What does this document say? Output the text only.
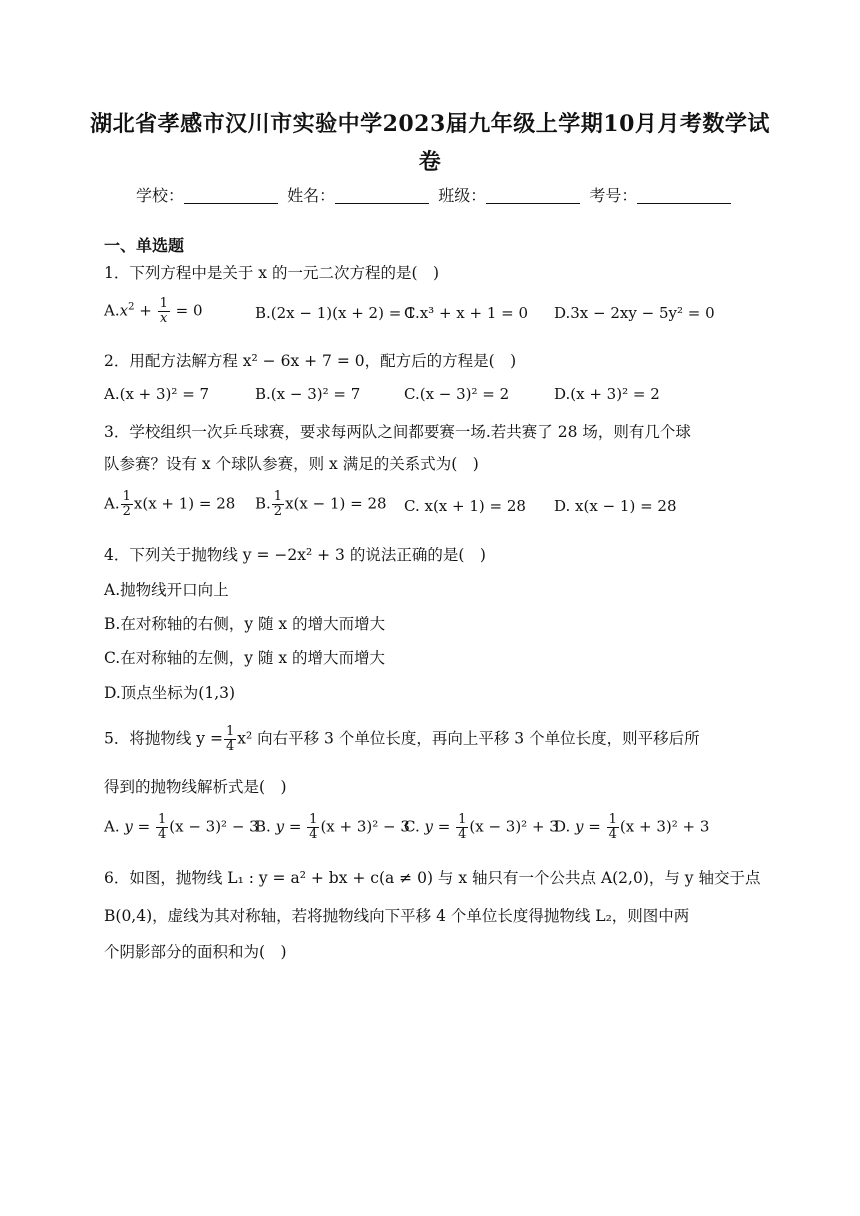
湖北省孝感市汉川市实验中学2023届九年级上学期10月月考数学试
卷
学校：	姓名：	班级：	考号：
一、单选题
1．下列方程中是关于 x 的一元二次方程的是(　)
$A.x^2 + \frac{1}{x} = 0$	B.(2x − 1)(x + 2) = 1
C.x³ + x + 1 = 0 D.3x − 2xy − 5y² = 0
2．用配方法解方程 x² − 6x + 7 = 0，配方后的方程是(　)
A.(x + 3)² = 7	B.(x − 3)² = 7	C.(x − 3)² = 2	D.(x + 3)² = 2
3．学校组织一次乒乓球赛，要求每两队之间都要赛一场.若共赛了 28 场，则有几个球
队参赛？设有 x 个球队参赛，则 x 满足的关系式为(　)
A. $\frac{1}{2} x(x + 1) = 28$ B. $\frac{1}{2} x(x - 1) = 28$ C. x(x + 1) = 28 D. x(x − 1) = 28
4．下列关于抛物线 y = −2x² + 3 的说法正确的是(　)
A.抛物线开口向上
B.在对称轴的右侧，y 随 x 的增大而增大
C.在对称轴的左侧，y 随 x 的增大而增大
D.顶点坐标为(1,3)
5．将抛物线 $y = \frac{1}{4} x^2$ 向右平移 3 个单位长度，再向上平移 3 个单位长度，则平移后所
得到的抛物线解析式是(　)
A. $y = \frac{1}{4} (x - 3)^2 - 3$
B. $y = \frac{1}{4} (x + 3)^2 - 3$
C. $y = \frac{1}{4} (x - 3)^2 + 3$
D. $y = \frac{1}{4} (x + 3)^2 + 3$
6．如图，抛物线 L₁ : y = a² + bx + c(a ≠ 0) 与 x 轴只有一个公共点 A(2,0)，与 y 轴交于点
B(0,4)，虚线为其对称轴，若将抛物线向下平移 4 个单位长度得抛物线 L₂，则图中两
个阴影部分的面积和为(　)
